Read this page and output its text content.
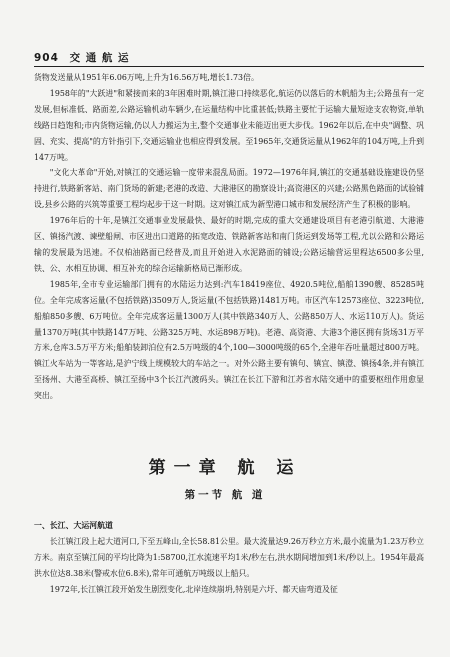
904 交 通 航 运

货物发送量从1951年6.06万吨,上升为16.56万吨,增长1.73倍。

1958年的"大跃进"和紧接而来的3年困难时期,镇江港口持续恶化,航运仍以落后的木帆船为主;公路虽有一定发展,但标准低、路面差,公路运输机动车辆少,在运量结构中比重甚低;铁路主要忙于运输大量短途支农物资,单轨线路日趋饱和;市内货物运输,仍以人力搬运为主,整个交通事业未能迈出更大步伐。1962年以后,在中央"调整、巩固、充实、提高"的方针指引下,交通运输业也相应得到发展。至1965年,交通货运量从1962年的104万吨,上升到147万吨。

"文化大革命"开始,对镇江的交通运输一度带来混乱局面。1972—1976年间,镇江的交通基础设施建设仍坚持进行,铁路新客站、南门货场的新建;老港的改造、大港港区的勘察设计;高资港区的兴建;公路黑色路面的试验铺设,县乡公路的兴筑等重要工程均起步于这一时期。这对镇江成为新型港口城市和发展经济产生了积极的影响。

1976年后的十年,是镇江交通事业发展最快、最好的时期,完成的重大交通建设项目有老港引航道、大港港区、镇扬汽渡、谏壁船闸、市区进出口道路的拓宽改造、铁路新客站和南门货运到发场等工程,尤以公路和公路运输的发展最为迅速。不仅柏油路面已经普及,而且开始进入水泥路面的铺设;公路运输营运里程达6500多公里,铁、公、水相互协调、相互补充的综合运输新格局已渐形成。

1985年,全市专业运输部门拥有的水陆运力达到:汽车18419座位、4920.5吨位,船舶1390艘、85285吨位。全年完成客运量(不包括铁路)3509万人,货运量(不包括铁路)1481万吨。市区汽车12573座位、3223吨位,船舶850多艘、6万吨位。全年完成客运量1300万人(其中铁路340万人、公路850万人、水运110万人)。货运量1370万吨(其中铁路147万吨、公路325万吨、水运898万吨)。老港、高资港、大港3个港区拥有货场31万平方米,仓库3.5万平方米;船舶装卸泊位有2.5万吨级的4个,100—3000吨级的65个,全港年吞吐量超过800万吨。镇江火车站为一等客站,是沪宁线上规模较大的车站之一。对外公路主要有镇句、镇宜、镇澄、镇扬4条,并有镇江至扬州、大港至高桥、镇江至扬中3个长江汽渡码头。镇江在长江下游和江苏省水陆交通中的重要枢纽作用愈显突出。

第一章 航 运
第一节 航 道
一、长江、大运河航道

长江镇江段上起大道河口,下至五峰山,全长58.81公里。最大流量达9.26万秒立方米,最小流量为1.23万秒立方米。南京至镇江间的平均比降为1:58700,江水流速平均1米/秒左右,洪水期间增加到1米/秒以上。1954年最高洪水位达8.38米(警戒水位6.8米),常年可通航万吨级以上船只。

1972年,长江镇江段开始发生剧烈变化,北岸连续崩坍,特别是六圩、都天庙弯道及征
